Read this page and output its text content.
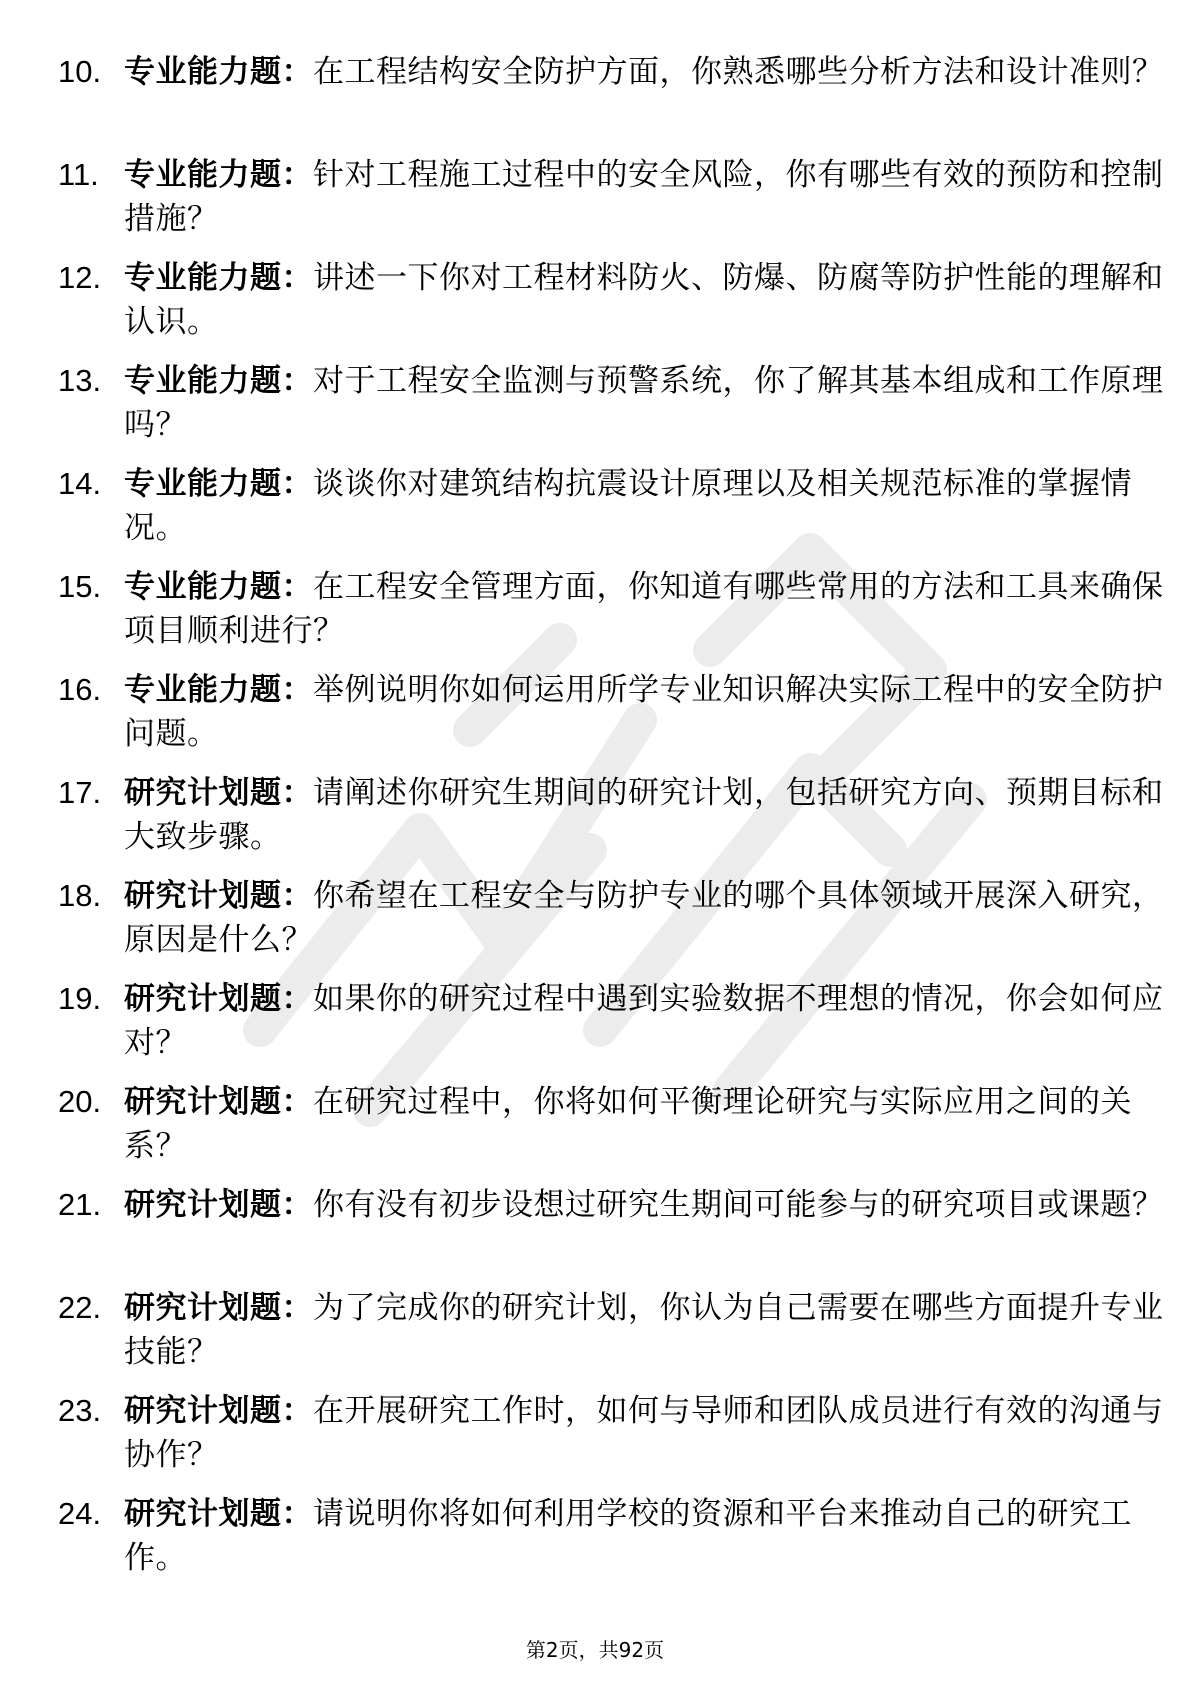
10. 专业能力题：在工程结构安全防护方面，你熟悉哪些分析方法和设计准则？
11. 专业能力题：针对工程施工过程中的安全风险，你有哪些有效的预防和控制措施？
12. 专业能力题：讲述一下你对工程材料防火、防爆、防腐等防护性能的理解和认识。
13. 专业能力题：对于工程安全监测与预警系统，你了解其基本组成和工作原理吗？
14. 专业能力题：谈谈你对建筑结构抗震设计原理以及相关规范标准的掌握情况。
15. 专业能力题：在工程安全管理方面，你知道有哪些常用的方法和工具来确保项目顺利进行？
16. 专业能力题：举例说明你如何运用所学专业知识解决实际工程中的安全防护问题。
17. 研究计划题：请阐述你研究生期间的研究计划，包括研究方向、预期目标和大致步骤。
18. 研究计划题：你希望在工程安全与防护专业的哪个具体领域开展深入研究，原因是什么？
19. 研究计划题：如果你的研究过程中遇到实验数据不理想的情况，你会如何应对？
20. 研究计划题：在研究过程中，你将如何平衡理论研究与实际应用之间的关系？
21. 研究计划题：你有没有初步设想过研究生期间可能参与的研究项目或课题？
22. 研究计划题：为了完成你的研究计划，你认为自己需要在哪些方面提升专业技能？
23. 研究计划题：在开展研究工作时，如何与导师和团队成员进行有效的沟通与协作？
24. 研究计划题：请说明你将如何利用学校的资源和平台来推动自己的研究工作。
第2页，共92页
